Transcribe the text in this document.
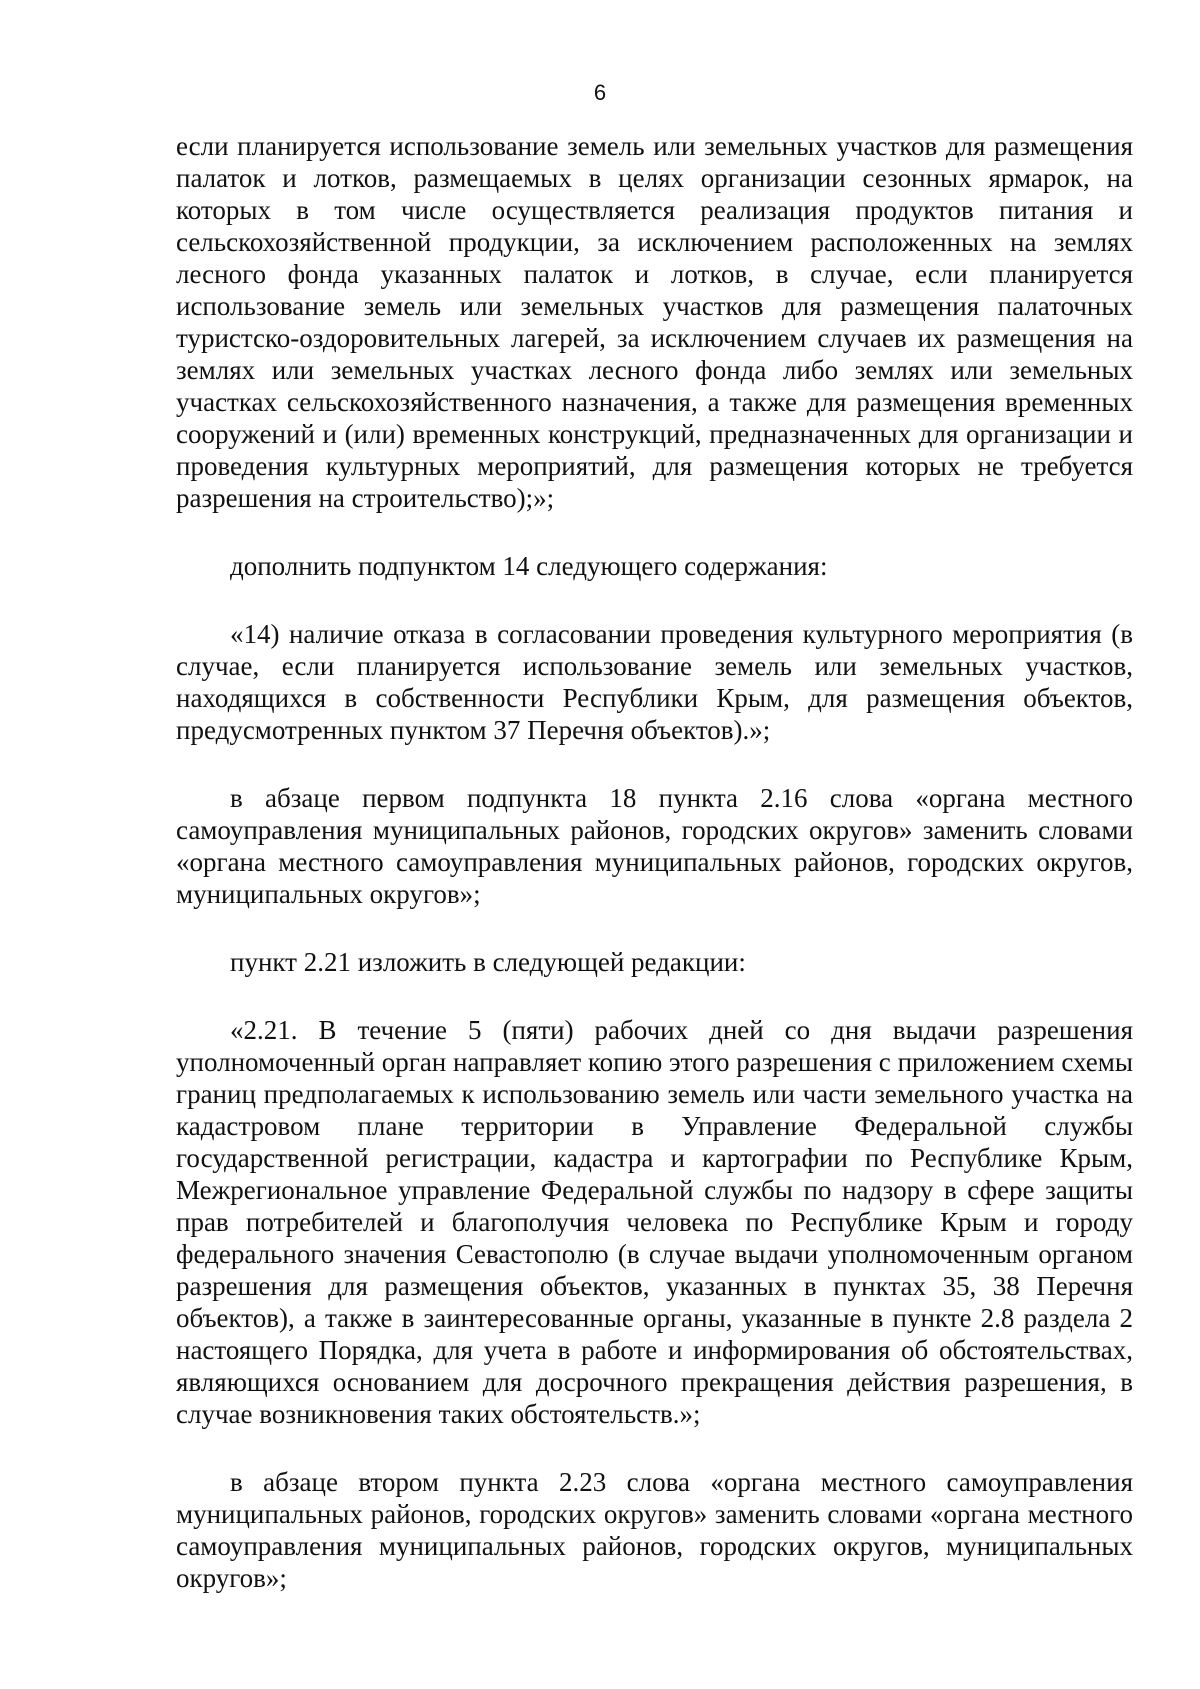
6

если планируется использование земель или земельных участков для размещения палаток и лотков, размещаемых в целях организации сезонных ярмарок, на которых в том числе осуществляется реализация продуктов питания и сельскохозяйственной продукции, за исключением расположенных на землях лесного фонда указанных палаток и лотков, в случае, если планируется использование земель или земельных участков для размещения палаточных туристско-оздоровительных лагерей, за исключением случаев их размещения на землях или земельных участках лесного фонда либо землях или земельных участках сельскохозяйственного назначения, а также для размещения временных сооружений и (или) временных конструкций, предназначенных для организации и проведения культурных мероприятий, для размещения которых не требуется разрешения на строительство);»;

дополнить подпунктом 14 следующего содержания:

«14) наличие отказа в согласовании проведения культурного мероприятия (в случае, если планируется использование земель или земельных участков, находящихся в собственности Республики Крым, для размещения объектов, предусмотренных пунктом 37 Перечня объектов).»;

в абзаце первом подпункта 18 пункта 2.16 слова «органа местного самоуправления муниципальных районов, городских округов» заменить словами «органа местного самоуправления муниципальных районов, городских округов, муниципальных округов»;

пункт 2.21 изложить в следующей редакции:

«2.21. В течение 5 (пяти) рабочих дней со дня выдачи разрешения уполномоченный орган направляет копию этого разрешения с приложением схемы границ предполагаемых к использованию земель или части земельного участка на кадастровом плане территории в Управление Федеральной службы государственной регистрации, кадастра и картографии по Республике Крым, Межрегиональное управление Федеральной службы по надзору в сфере защиты прав потребителей и благополучия человека по Республике Крым и городу федерального значения Севастополю (в случае выдачи уполномоченным органом разрешения для размещения объектов, указанных в пунктах 35, 38 Перечня объектов), а также в заинтересованные органы, указанные в пункте 2.8 раздела 2 настоящего Порядка, для учета в работе и информирования об обстоятельствах, являющихся основанием для досрочного прекращения действия разрешения, в случае возникновения таких обстоятельств.»;

в абзаце втором пункта 2.23 слова «органа местного самоуправления муниципальных районов, городских округов» заменить словами «органа местного самоуправления муниципальных районов, городских округов, муниципальных округов»;
